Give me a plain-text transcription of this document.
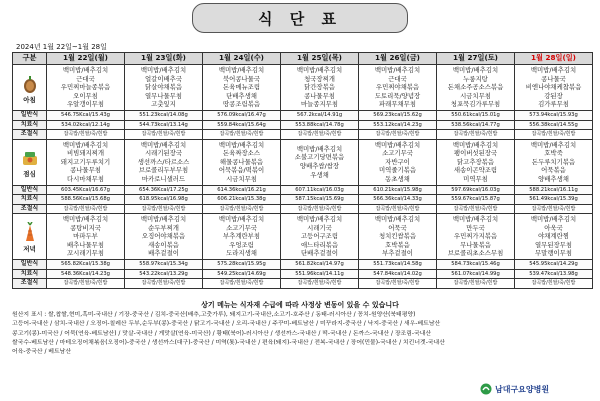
식 단 표
2024년 1월 22일~1월 28일
구분	1월 22일(월)	1월 23일(화)	1월 24일(수)	1월 25일(목)	1월 26일(금)	1월 27일(토)	1월 28일(일)

아침	백미밥/배추김치
근대국
우민찌마늘종볶음
오이무침
우알갱이무침	백미밥/배추김치
얼갈이배추국
닭살야채볶음
열무나물무침
고춧잎지	백미밥/배추김치
북어콩나물국
돈육메뉴조림
단배추생채
땅콩조림볶음	백미밥/배추김치
청국장찌개
닭간장볶음
콩나물무침
마늘종지무침	백미밥/배추김치
근대국
우민찌야채볶음
도토리묵/양념장
파래무채무침	백미밥/배추김치
누룽지탕
돈채소주공소스볶음
시금치무침
청포묵김가루무침	백미밥/배추김치
콩나물국
비엔나야채케찹볶음
강된장
김가루무침

일반식	546.75Kcal/15.43g	551.23kcal/14.08g	576.09kcal/16.47g	567.2kcal/14.91g	569.23kcal/15.62g	550.61kcal/15.01g	573.94kcal/15.93g
치료식	534.02kcal/12.14g	544.73kcal/13.14g	559.84kcal/15.64g	553.88kcal/14.78g	553.12kcal/14.23g	538.56kcal/14.77g	556.38kcal/14.55g
조절식	잡곡밥/흰쌀/죽/흰밥	잡곡밥/흰쌀/죽/흰밥	잡곡밥/흰쌀/죽/흰밥	잡곡밥/흰쌀/죽/흰밥	잡곡밥/흰쌀/죽/흰밥	잡곡밥/흰쌀/죽/흰밥	잡곡밥/흰쌀/죽/흰밥

점심	백미밥/배추김치
비빔돼지찌개
돼지고기두루치기
콩나물무침
다시마채무침	백미밥/배추김치
시래기된장국
생선까스/타르소스
브로콜리두부무침
마카로니샐러드	백미밥/배추김치
돈육짜장소스
해물콩나물볶음
어묵볶음/떡볶이
시금치무침	백미밥/배추김치
소불고기당면볶음
양배추쌈/쌈장
우생채	백미밥/배추김치
소고기무국
자반구이
미역줄기볶음
동초생채	백미밥/배추김치
팽이버섯된장국
닭고추장볶음
새송이곤약조림
미역무침	백미밥/배추김치
호박죽
돈두루치기볶음
어묵볶음
양배추생채

일반식	603.45Kcal/16.67g	654.36Kcal/17.25g	614.36kcal/16.21g	607.11kcal/16.03g	610.21kcal/15.98g	597.69kcal/16.03g	588.21kcal/16.11g
치료식	588.56Kcal/15.68g	618.95kcal/16.98g	606.21kcal/15.38g	587.15kcal/15.69g	566.36kcal/14.33g	559.67kcal/15.87g	561.49kcal/15.39g
조절식	잡곡밥/흰쌀/죽/흰밥	잡곡밥/흰쌀/죽/흰밥	잡곡밥/흰쌀/죽/흰밥	잡곡밥/흰쌀/죽/흰밥	잡곡밥/흰쌀/죽/흰밥	잡곡밥/흰쌀/죽/흰밥	잡곡밥/흰쌀/죽/흰밥

저녁	백미밥/배추김치
콩탕비지국
마파두부
배추나물무침
꼬시래기무침	백미밥/배추김치
순두부찌개
오징어야채볶음
새송이볶음
배추겉절이	백미밥/배추김치
소고기무국
부추계란부침
우엉조림
도라지생채	백미밥/배추김치
시래기국
고등어구조림
애느타리볶음
단배추겉절이	백미밥/배추김치
어묵국
청치킨쌈볶음
호박볶음
부추겉절이	백미밥/배추김치
만두국
우민찌가지볶음
무나물볶음
브로콜리초소스무침	백미밥/배추김치
아욱국
야채계란찜
열무된장무침
무말랭이무침

일반식	565.82Kcal/15.38g	558.97kcal/15.34g	575.28kcal/15.95g	561.82kcal/14.97g	551.73kcal/14.58g	584.73kcal/15.46g	545.95kcal/14.29g
치료식	548.36Kcal/14.23g	543.22kcal/13.29g	549.25kcal/14.69g	551.96kcal/14.11g	547.84kcal/14.02g	561.07kcal/14.99g	539.47kcal/13.98g
조절식	잡곡밥/흰쌀/죽/흰밥	잡곡밥/흰쌀/죽/흰밥	잡곡밥/흰쌀/죽/흰밥	잡곡밥/흰쌀/죽/흰밥	잡곡밥/흰쌀/죽/흰밥	잡곡밥/흰쌀/죽/흰밥	잡곡밥/흰쌀/죽/흰밥
상기 메뉴는 식자재 수급에 따라 사정상 변동이 있을 수 있습니다
원산지 표시 : 쌀,찹쌀,현미,흑미-국내산 / 기장-중국산 / 김치-중국산(배추,고춧가루), 돼지고기-국내산,소고기-호주산 / 동태-러시아산 / 꽁치-원양산(북태평양)
고등어-국내산 / 삼치-국내산 / 오징어-칠레산 두부,순두부(콩)-중국산 / 닭고기-국내산 / 오리-국내산 / 주꾸미-베트남산 / 미꾸라지-중국산 / 낙지-중국산 / 새우-베트남산
콩고기(콩)-미국산 / 어묵(연육-베트남산) / 맛살-국내산 / 게맛살(연육-미국산) / 황태(북어)-러시아산 / 생선까스-국내산 / 떡-국내산 / 돈까스-국내산 / 장조림-국내산
쌀국수-베트남산 / 마테오징어채볶음(오징어)-중국산 / 생선까스(대구)-중국산 / 미역(톳)-국내산 / 편육(돼지)-국내산 / 전복-국내산 / 장어(민물)-국내산 / 치킨너겟-국내산
어육-중국산 / 베트남산
남대구요양병원
